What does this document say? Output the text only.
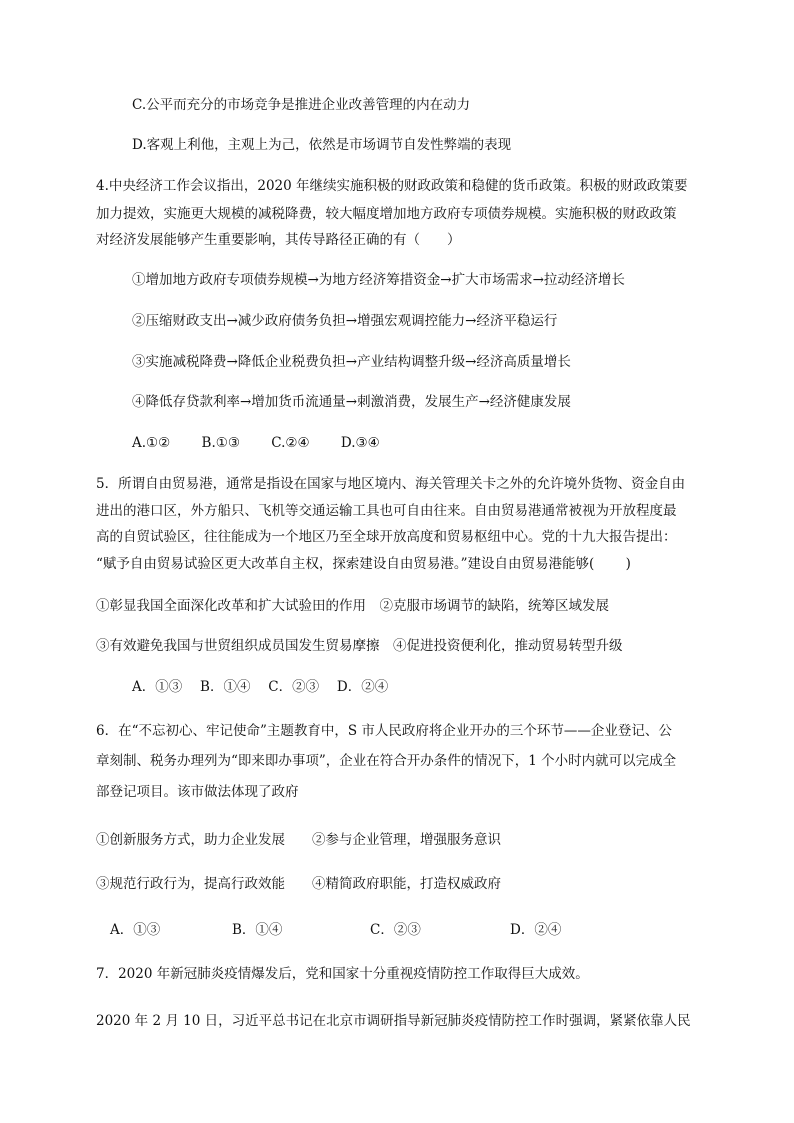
C.公平而充分的市场竞争是推进企业改善管理的内在动力
D.客观上利他，主观上为己，依然是市场调节自发性弊端的表现
4.中央经济工作会议指出，2020 年继续实施积极的财政政策和稳健的货币政策。积极的财政政策要
加力提效，实施更大规模的减税降费，较大幅度增加地方政府专项债券规模。实施积极的财政政策
对经济发展能够产生重要影响，其传导路径正确的有（　　）
①增加地方政府专项债券规模→为地方经济筹措资金→扩大市场需求→拉动经济增长
②压缩财政支出→减少政府债务负担→增强宏观调控能力→经济平稳运行
③实施减税降费→降低企业税费负担→产业结构调整升级→经济高质量增长
④降低存贷款利率→增加货币流通量→刺激消费，发展生产→经济健康发展
A.①②　　 B.①③　　 C.②④　　 D.③④
5．所谓自由贸易港，通常是指设在国家与地区境内、海关管理关卡之外的允许境外货物、资金自由
进出的港口区，外方船只、飞机等交通运输工具也可自由往来。自由贸易港通常被视为开放程度最
高的自贸试验区，往往能成为一个地区乃至全球开放高度和贸易枢纽中心。党的十九大报告提出：
“赋予自由贸易试验区更大改革自主权，探索建设自由贸易港。”建设自由贸易港能够(　　 )
①彰显我国全面深化改革和扩大试验田的作用　②克服市场调节的缺陷，统筹区域发展
③有效避免我国与世贸组织成员国发生贸易摩擦　④促进投资便利化，推动贸易转型升级
A．①③　 B．①④　 C．②③　 D．②④
6．在“不忘初心、牢记使命”主题教育中，S 市人民政府将企业开办的三个环节——企业登记、公
章刻制、税务办理列为“即来即办事项”，企业在符合开办条件的情况下，1 个小时内就可以完成全
部登记项目。该市做法体现了政府
①创新服务方式，助力企业发展　　②参与企业管理，增强服务意识
③规范行政行为，提高行政效能　　④精简政府职能，打造权威政府
A．①③	B．①④	C．②③	D．②④
7．2020 年新冠肺炎疫情爆发后，党和国家十分重视疫情防控工作取得巨大成效。
2020 年 2 月 10 日，习近平总书记在北京市调研指导新冠肺炎疫情防控工作时强调，紧紧依靠人民
